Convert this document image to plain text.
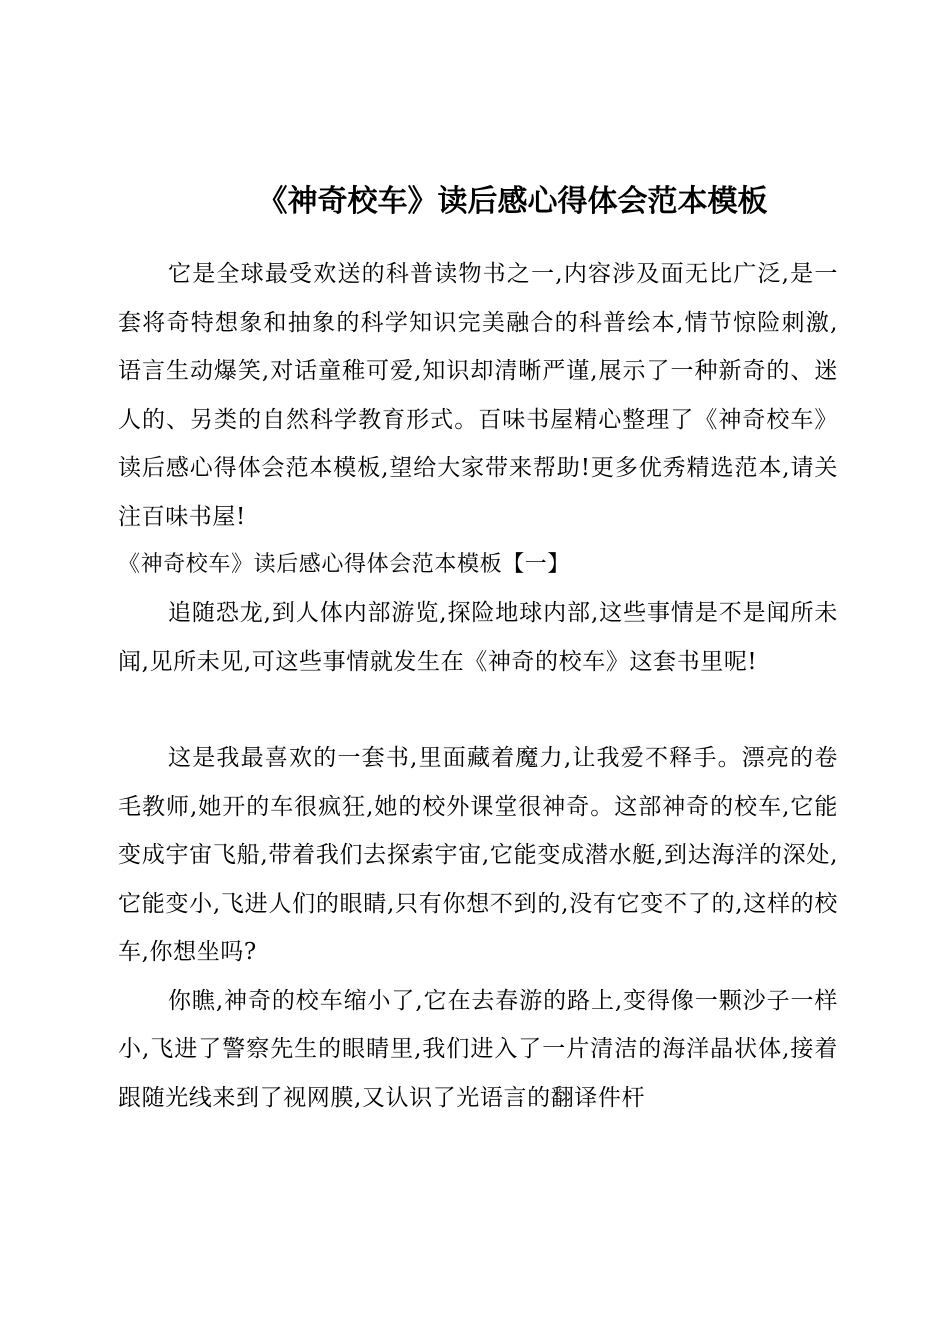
《神奇校车》读后感心得体会范本模板

它是全球最受欢送的科普读物书之一,内容涉及面无比广泛,是一套将奇特想象和抽象的科学知识完美融合的科普绘本,情节惊险刺激,语言生动爆笑,对话童稚可爱,知识却清晰严谨,展示了一种新奇的、迷人的、另类的自然科学教育形式。百味书屋精心整理了《神奇校车》读后感心得体会范本模板,望给大家带来帮助!更多优秀精选范本,请关注百味书屋!

《神奇校车》读后感心得体会范本模板【一】

追随恐龙,到人体内部游览,探险地球内部,这些事情是不是闻所未闻,见所未见,可这些事情就发生在《神奇的校车》这套书里呢!

这是我最喜欢的一套书,里面藏着魔力,让我爱不释手。漂亮的卷毛教师,她开的车很疯狂,她的校外课堂很神奇。这部神奇的校车,它能变成宇宙飞船,带着我们去探索宇宙,它能变成潜水艇,到达海洋的深处,它能变小,飞进人们的眼睛,只有你想不到的,没有它变不了的,这样的校车,你想坐吗?

你瞧,神奇的校车缩小了,它在去春游的路上,变得像一颗沙子一样小,飞进了警察先生的眼睛里,我们进入了一片清洁的海洋晶状体,接着跟随光线来到了视网膜,又认识了光语言的翻译件杆
